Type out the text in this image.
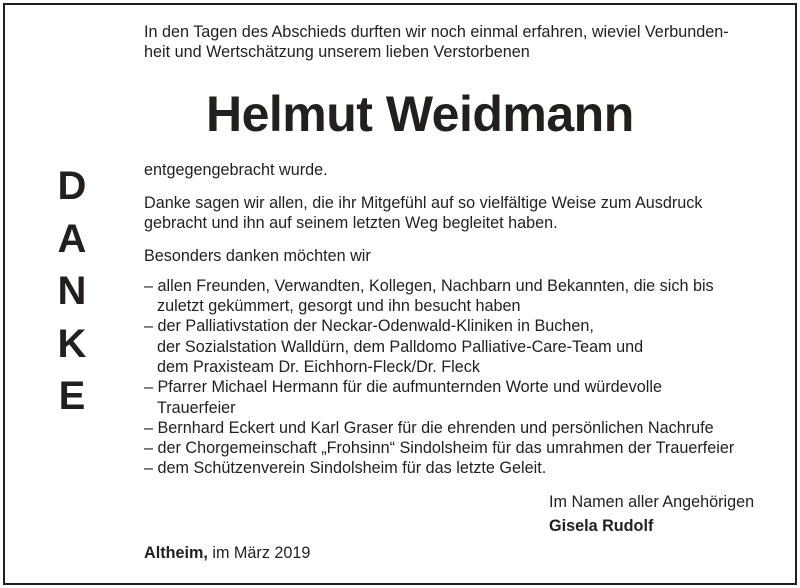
D
A
N
K
E
Helmut Weidmann

In den Tagen des Abschieds durften wir noch einmal erfahren, wieviel Verbunden-
heit und Wertschätzung unserem lieben Verstorbenen

entgegengebracht wurde.

Danke sagen wir allen, die ihr Mitgefühl auf so vielfältige Weise zum Ausdruck
gebracht und ihn auf seinem letzten Weg begleitet haben.

Besonders danken möchten wir

– allen Freunden, Verwandten, Kollegen, Nachbarn und Bekannten, die sich bis
zuletzt gekümmert, gesorgt und ihn besucht haben
– der Palliativstation der Neckar-Odenwald-Kliniken in Buchen,
der Sozialstation Walldürn, dem Palldomo Palliative-Care-Team und
dem Praxisteam Dr. Eichhorn-Fleck/Dr. Fleck
– Pfarrer Michael Hermann für die aufmunternden Worte und würdevolle
Trauerfeier
– Bernhard Eckert und Karl Graser für die ehrenden und persönlichen Nachrufe
– der Chorgemeinschaft „Frohsinn“ Sindolsheim für das umrahmen der Trauerfeier
– dem Schützenverein Sindolsheim für das letzte Geleit.
Im Namen aller Angehörigen
Gisela Rudolf
Altheim, im März 2019
